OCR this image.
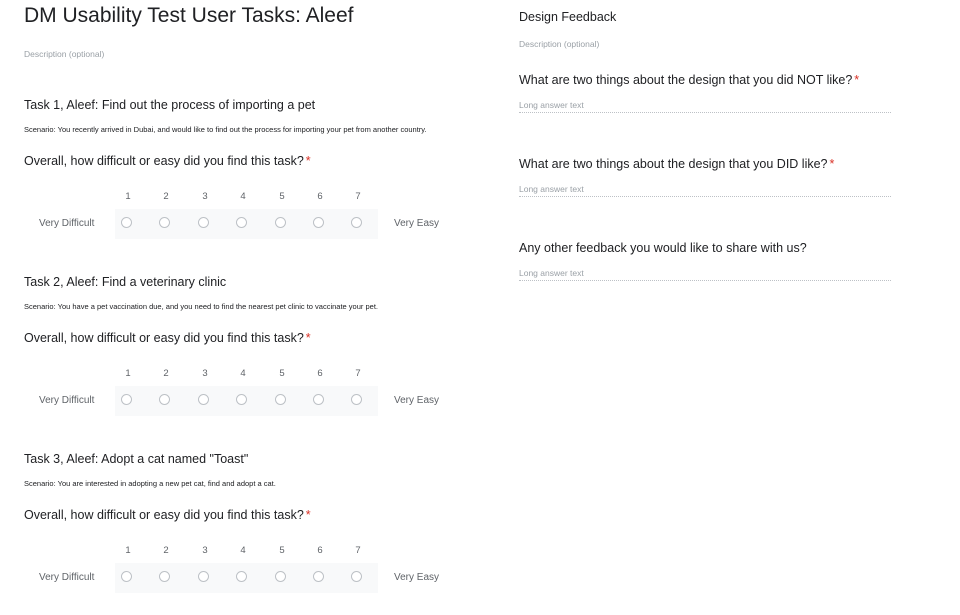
DM Usability Test User Tasks: Aleef
Description (optional)
Task 1, Aleef: Find out the process of importing a pet
Scenario: You recently arrived in Dubai, and would like to find out the process for importing your pet from another country.
Overall, how difficult or easy did you find this task? *
1	2	3	4	5	6	7
Very Difficult	Very Easy
Task 2, Aleef: Find a veterinary clinic
Scenario: You have a pet vaccination due, and you need to find the nearest pet clinic to vaccinate your pet.
Overall, how difficult or easy did you find this task? *
1	2	3	4	5	6	7
Very Difficult	Very Easy
Task 3, Aleef: Adopt a cat named "Toast"
Scenario: You are interested in adopting a new pet cat, find and adopt a cat.
Overall, how difficult or easy did you find this task? *
1	2	3	4	5	6	7
Very Difficult	Very Easy
Design Feedback
Description (optional)
What are two things about the design that you did NOT like? *
Long answer text
What are two things about the design that you DID like? *
Long answer text
Any other feedback you would like to share with us?
Long answer text
